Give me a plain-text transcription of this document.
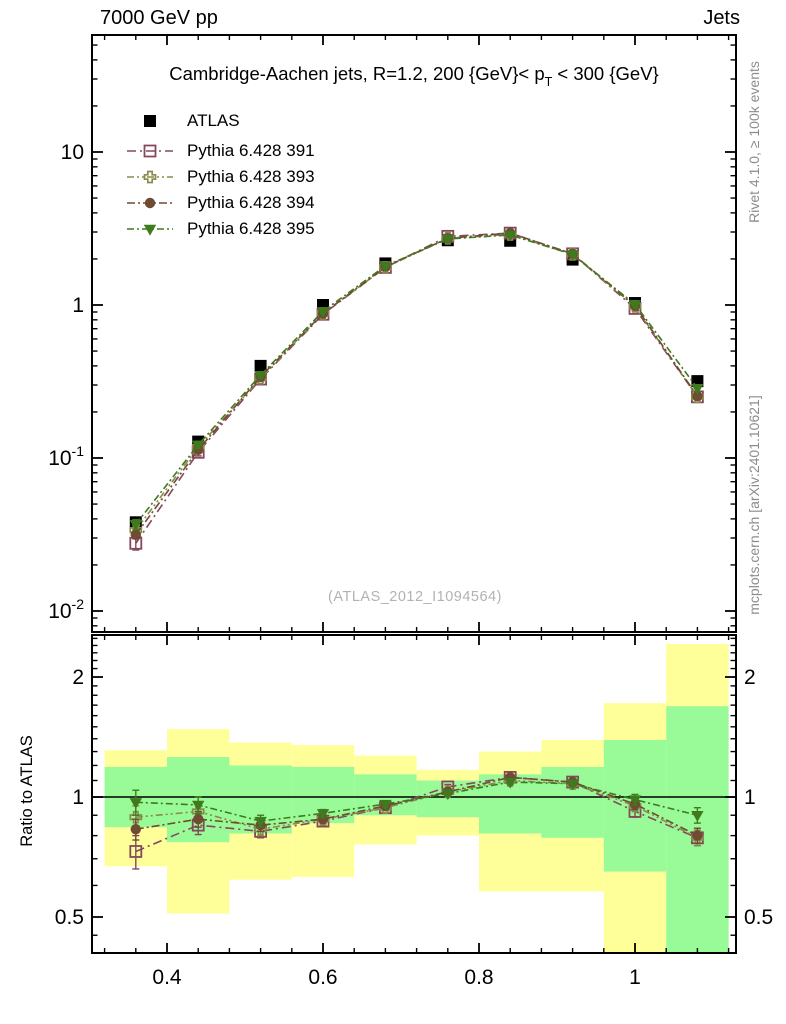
10
1
$10^{-1}$
$10^{-2}$
2	2
1	1
0.5	0.5
0.4	0.6	0.8	1
7000 GeV pp	Jets
Cambridge-Aachen jets, R=1.2, 200 $\{GeV\}< p_T < 300$ {GeV}
ATLAS
Pythia 6.428 391
Pythia 6.428 393
Pythia 6.428 394
Pythia 6.428 395
(ATLAS_2012_I1094564)
Rivet 4.1.0, ≥ 100k events
mcplots.cern.ch [arXiv:2401.10621]
Ratio to ATLAS
